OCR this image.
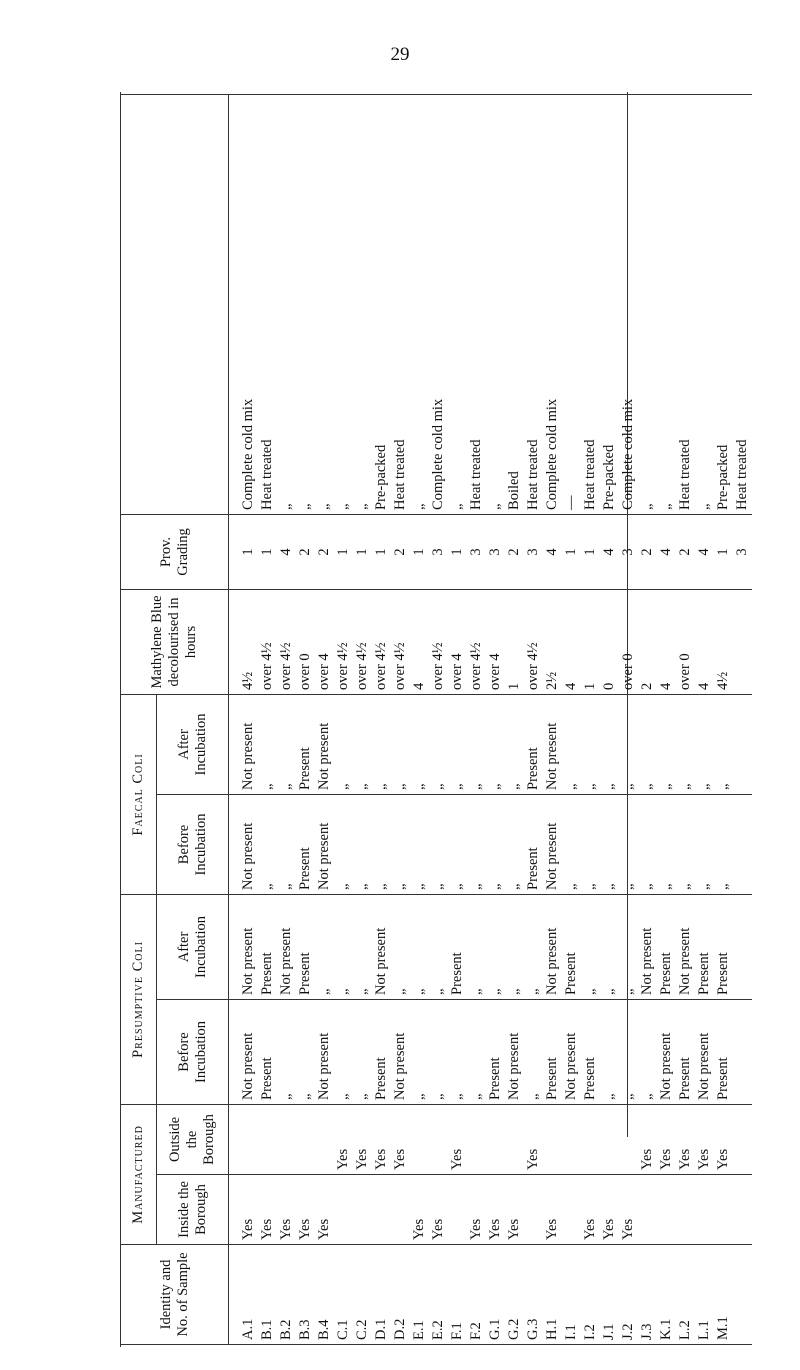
29
Identity and No. of Sample	Manufactured		Presumptive Coli		Faecal Coli		Mathylene Blue decolourised in hours	Prov. Grading	
	Inside the Borough	Outside the Borough	Before Incubation	After Incubation	Before Incubation	After Incubation			
A.1	Yes		Not present	Not present	Not present	Not present	4½	1	Complete cold mix
B.1	Yes		Present	Present	„	„	over 4½	1	Heat treated
B.2	Yes		„	Not present	„	„	over 4½	4	„
B.3	Yes		„	Present	Present	Present	over 0	2	„
B.4	Yes		Not present	„	Not present	Not present	over 4	2	„
C.1		Yes	„	„	„	„	over 4½	1	„
C.2		Yes	„	„	„	„	over 4½	1	„
D.1		Yes	Present	Not present	„	„	over 4½	1	Pre-packed
D.2		Yes	Not present	„	„	„	over 4½	2	Heat treated
E.1	Yes		„	„	„	„	4	1	„
E.2	Yes		„	„	„	„	over 4½	3	Complete cold mix
F.1		Yes	„	Present	„	„	over 4	1	„
F.2	Yes		„	„	„	„	over 4½	3	Heat treated
G.1	Yes		Present	„	„	„	over 4	3	„
G.2	Yes		Not present	„	„	„	1	2	Boiled
G.3		Yes	„	„	Present	Present	over 4½	3	Heat treated
H.1	Yes		Present	Not present	Not present	Not present	2½	4	Complete cold mix
I.1			Not present	Present	„	„	4	1	—
I.2	Yes		Present	„	„	„	1	1	Heat treated
J.1	Yes		„	„	„	„	0	4	Pre-packed
J.2	Yes		„	„	„	„	over 0	3	Complete cold mix
J.3		Yes	„	Not present	„	„	2	2	„
K.1		Yes	Not present	Present	„	„	4	4	„
L.2		Yes	Present	Not present	„	„	over 0	2	Heat treated
L.1		Yes	Not present	Present	„	„	4	4	„
M.1		Yes	Present	Present	„	„	4½	1	Pre-packed
								3	Heat treated
